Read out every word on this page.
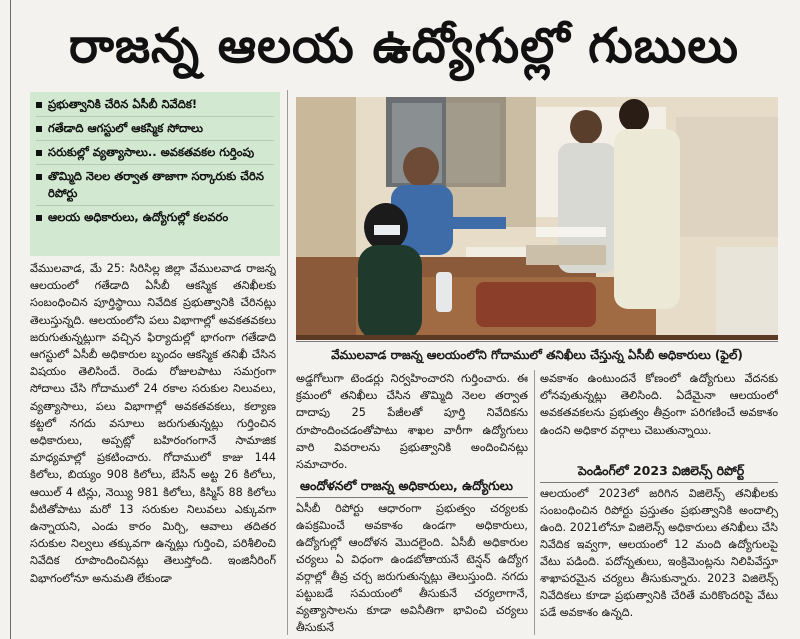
రాజన్న ఆలయ ఉద్యోగుల్లో గుబులు
ప్రభుత్వానికి చేరిన ఏసీబీ నివేదిక!
గతేడాది ఆగస్టులో ఆకస్మిక సోదాలు
సరుకుల్లో వ్యత్యాసాలు.. అవకతవకల గుర్తింపు
తొమ్మిది నెలల తర్వాత తాజాగా సర్కారుకు చేరిన రిపోర్టు
ఆలయ అధికారులు, ఉద్యోగుల్లో కలవరం
వేములవాడ రాజన్న ఆలయంలోని గోదాములో తనిఖీలు చేస్తున్న ఏసీబీ అధికారులు (ఫైల్)
వేములవాడ, మే 25: సిరిసిల్ల జిల్లా వేములవాడ రాజన్న ఆలయంలో గతేడాది ఏసీబీ ఆకస్మిక తనిఖీలకు సంబంధించిన పూర్తిస్థాయి నివేదిక ప్రభుత్వానికి చేరినట్లు తెలుస్తున్నది. ఆలయంలోని పలు విభాగాల్లో అవకతవకలు జరుగుతున్నట్లుగా వచ్చిన ఫిర్యాదుల్లో భాగంగా గతేడాది ఆగస్టులో ఏసీబీ అధికారుల బృందం ఆకస్మిక తనిఖీ చేసిన విషయం తెలిసిందే. రెండు రోజులపాటు సమగ్రంగా సోదాలు చేసి గోదాములో 24 రకాల సరుకుల నిలువలు, వ్యత్యాసాలు, పలు విభాగాల్లో అవకతవకలు, కల్యాణ కట్టలో నగదు వసూలు జరుగుతున్నట్లు గుర్తించిన అధికారులు, అప్పట్లో బహిరంగంగానే సామాజిక మాధ్యమాల్లో ప్రకటించారు. గోదాములో కాజు 144 కిలోలు, బియ్యం 908 కిలోలు, బేసిన్ అట్ట 26 కిలోలు, ఆయిల్ 4 టిన్లు, నెయ్యి 981 కిలోలు, కిస్మిస్ 88 కిలోలు వీటితోపాటు మరో 13 సరుకుల నిలువలు ఎక్కువగా ఉన్నాయని, ఎండు కారం మిర్చి, ఆవాలు తదితర సరుకుల నిల్వలు తక్కువగా ఉన్నట్లు గుర్తించి, పరిశీలించి నివేదిక రూపొందించినట్లు తెలుస్తోంది. ఇంజినీరింగ్ విభాగంలోనూ అనుమతి లేకుండా
అడ్డగోలుగా టెండర్లు నిర్వహించారని గుర్తించారు. ఈ క్రమంలో తనిఖీలు చేసిన తొమ్మిది నెలల తర్వాత దాదాపు 25 పేజీలతో పూర్తి నివేదికను రూపొందించడంతోపాటు శాఖల వారీగా ఉద్యోగులు వారి వివరాలను ప్రభుత్వానికి అందించినట్లు సమాచారం.
ఆందోళనలో రాజన్న అధికారులు, ఉద్యోగులు
ఏసీబీ రిపోర్టు ఆధారంగా ప్రభుత్వం చర్యలకు ఉపక్రమించే అవకాశం ఉండగా అధికారులు, ఉద్యోగుల్లో ఆందోళన మొదలైంది. ఏసీబీ అధికారుల చర్యలు ఏ విధంగా ఉండబోతాయనే టెన్షన్ ఉద్యోగ వర్గాల్లో తీవ్ర చర్చ జరుగుతున్నట్లు తెలుస్తుంది. నగదు పట్టుబడే సమయంలో తీసుకునే చర్యలాగానే, వ్యత్యాసాలను కూడా అవినీతిగా భావించి చర్యలు తీసుకునే
అవకాశం ఉంటుందనే కోణంలో ఉద్యోగులు వేదనకు లోనవుతున్నట్లు తెలిసింది. ఏదేమైనా ఆలయంలో అవకతవకలను ప్రభుత్వం తీవ్రంగా పరిగణించే అవకాశం ఉందని అధికార వర్గాలు చెబుతున్నాయి.
పెండింగ్‌లో 2023 విజిలెన్స్ రిపోర్ట్
ఆలయంలో 2023లో జరిగిన విజిలెన్స్ తనిఖీలకు సంబంధించిన రిపోర్టు ప్రస్తుతం ప్రభుత్వానికి అందాల్సి ఉంది. 2021లోనూ విజిలెన్స్ అధికారులు తనిఖీలు చేసి నివేదిక ఇవ్వగా, ఆలయంలో 12 మంది ఉద్యోగులపై వేటు పడింది. పదోన్నతులు, ఇంక్రిమెంట్లను నిలిపివేస్తూ శాఖాపరమైన చర్యలు తీసుకున్నారు. 2023 విజిలెన్స్ నివేదికలు కూడా ప్రభుత్వానికి చేరితే మరికొందరిపై వేటు పడే అవకాశం ఉన్నది.
